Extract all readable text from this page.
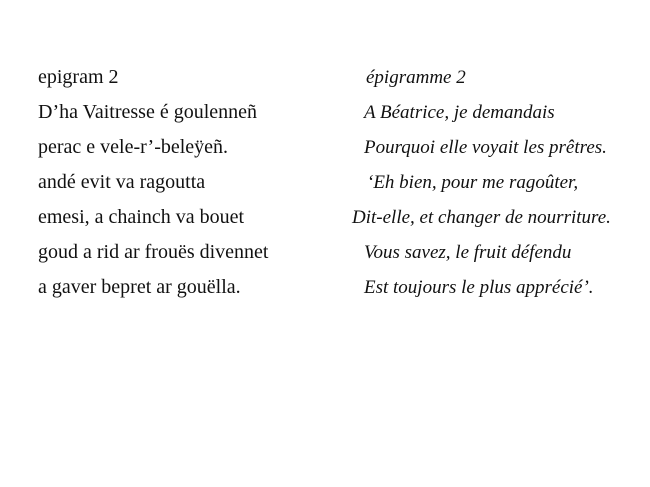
epigram 2
D’ha Vaitresse é goulenneñ
perac e vele-r’-beleÿeñ.
andé evit va ragoutta
emesi, a chainch va bouet
goud a rid ar frouës divennet
a gaver bepret ar gouëlla.
épigramme 2
A Béatrice, je demandais
Pourquoi elle voyait les prêtres.
‘Eh bien, pour me ragoûter,
Dit-elle, et changer de nourriture.
Vous savez, le fruit défendu
Est toujours le plus apprécié’.
